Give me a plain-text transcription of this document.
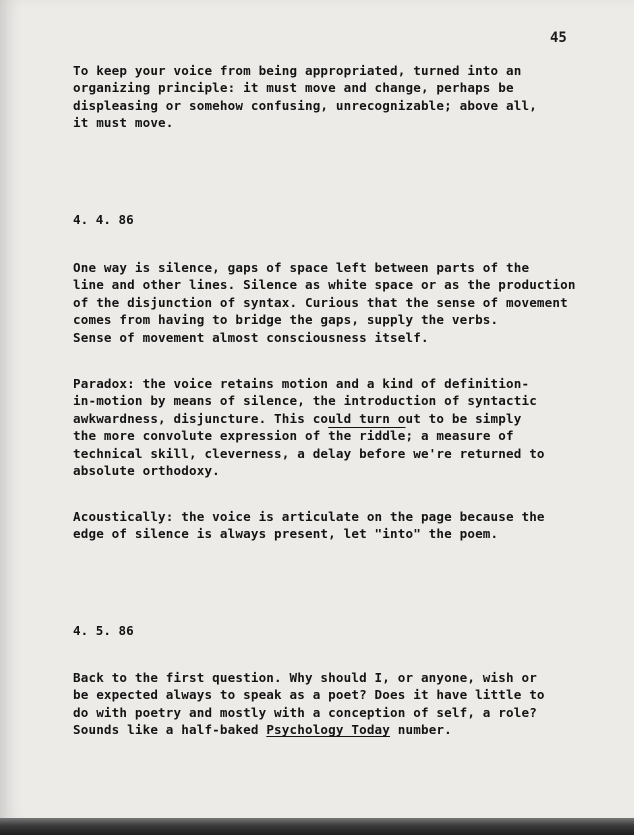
45

To keep your voice from being appropriated, turned into an
organizing principle: it must move and change, perhaps be
displeasing or somehow confusing, unrecognizable; above all,
it must move.

4. 4. 86

One way is silence, gaps of space left between parts of the
line and other lines. Silence as white space or as the production
of the disjunction of syntax. Curious that the sense of movement
comes from having to bridge the gaps, supply the verbs.
Sense of movement almost consciousness itself.

Paradox: the voice retains motion and a kind of definition-
in-motion by means of silence, the introduction of syntactic
awkwardness, disjuncture. This could turn out to be simply
the more convolute expression of the riddle; a measure of
technical skill, cleverness, a delay before we're returned to
absolute orthodoxy.

Acoustically: the voice is articulate on the page because the
edge of silence is always present, let "into" the poem.

4. 5. 86

Back to the first question. Why should I, or anyone, wish or
be expected always to speak as a poet? Does it have little to
do with poetry and mostly with a conception of self, a role?
Sounds like a half-baked Psychology Today number.
